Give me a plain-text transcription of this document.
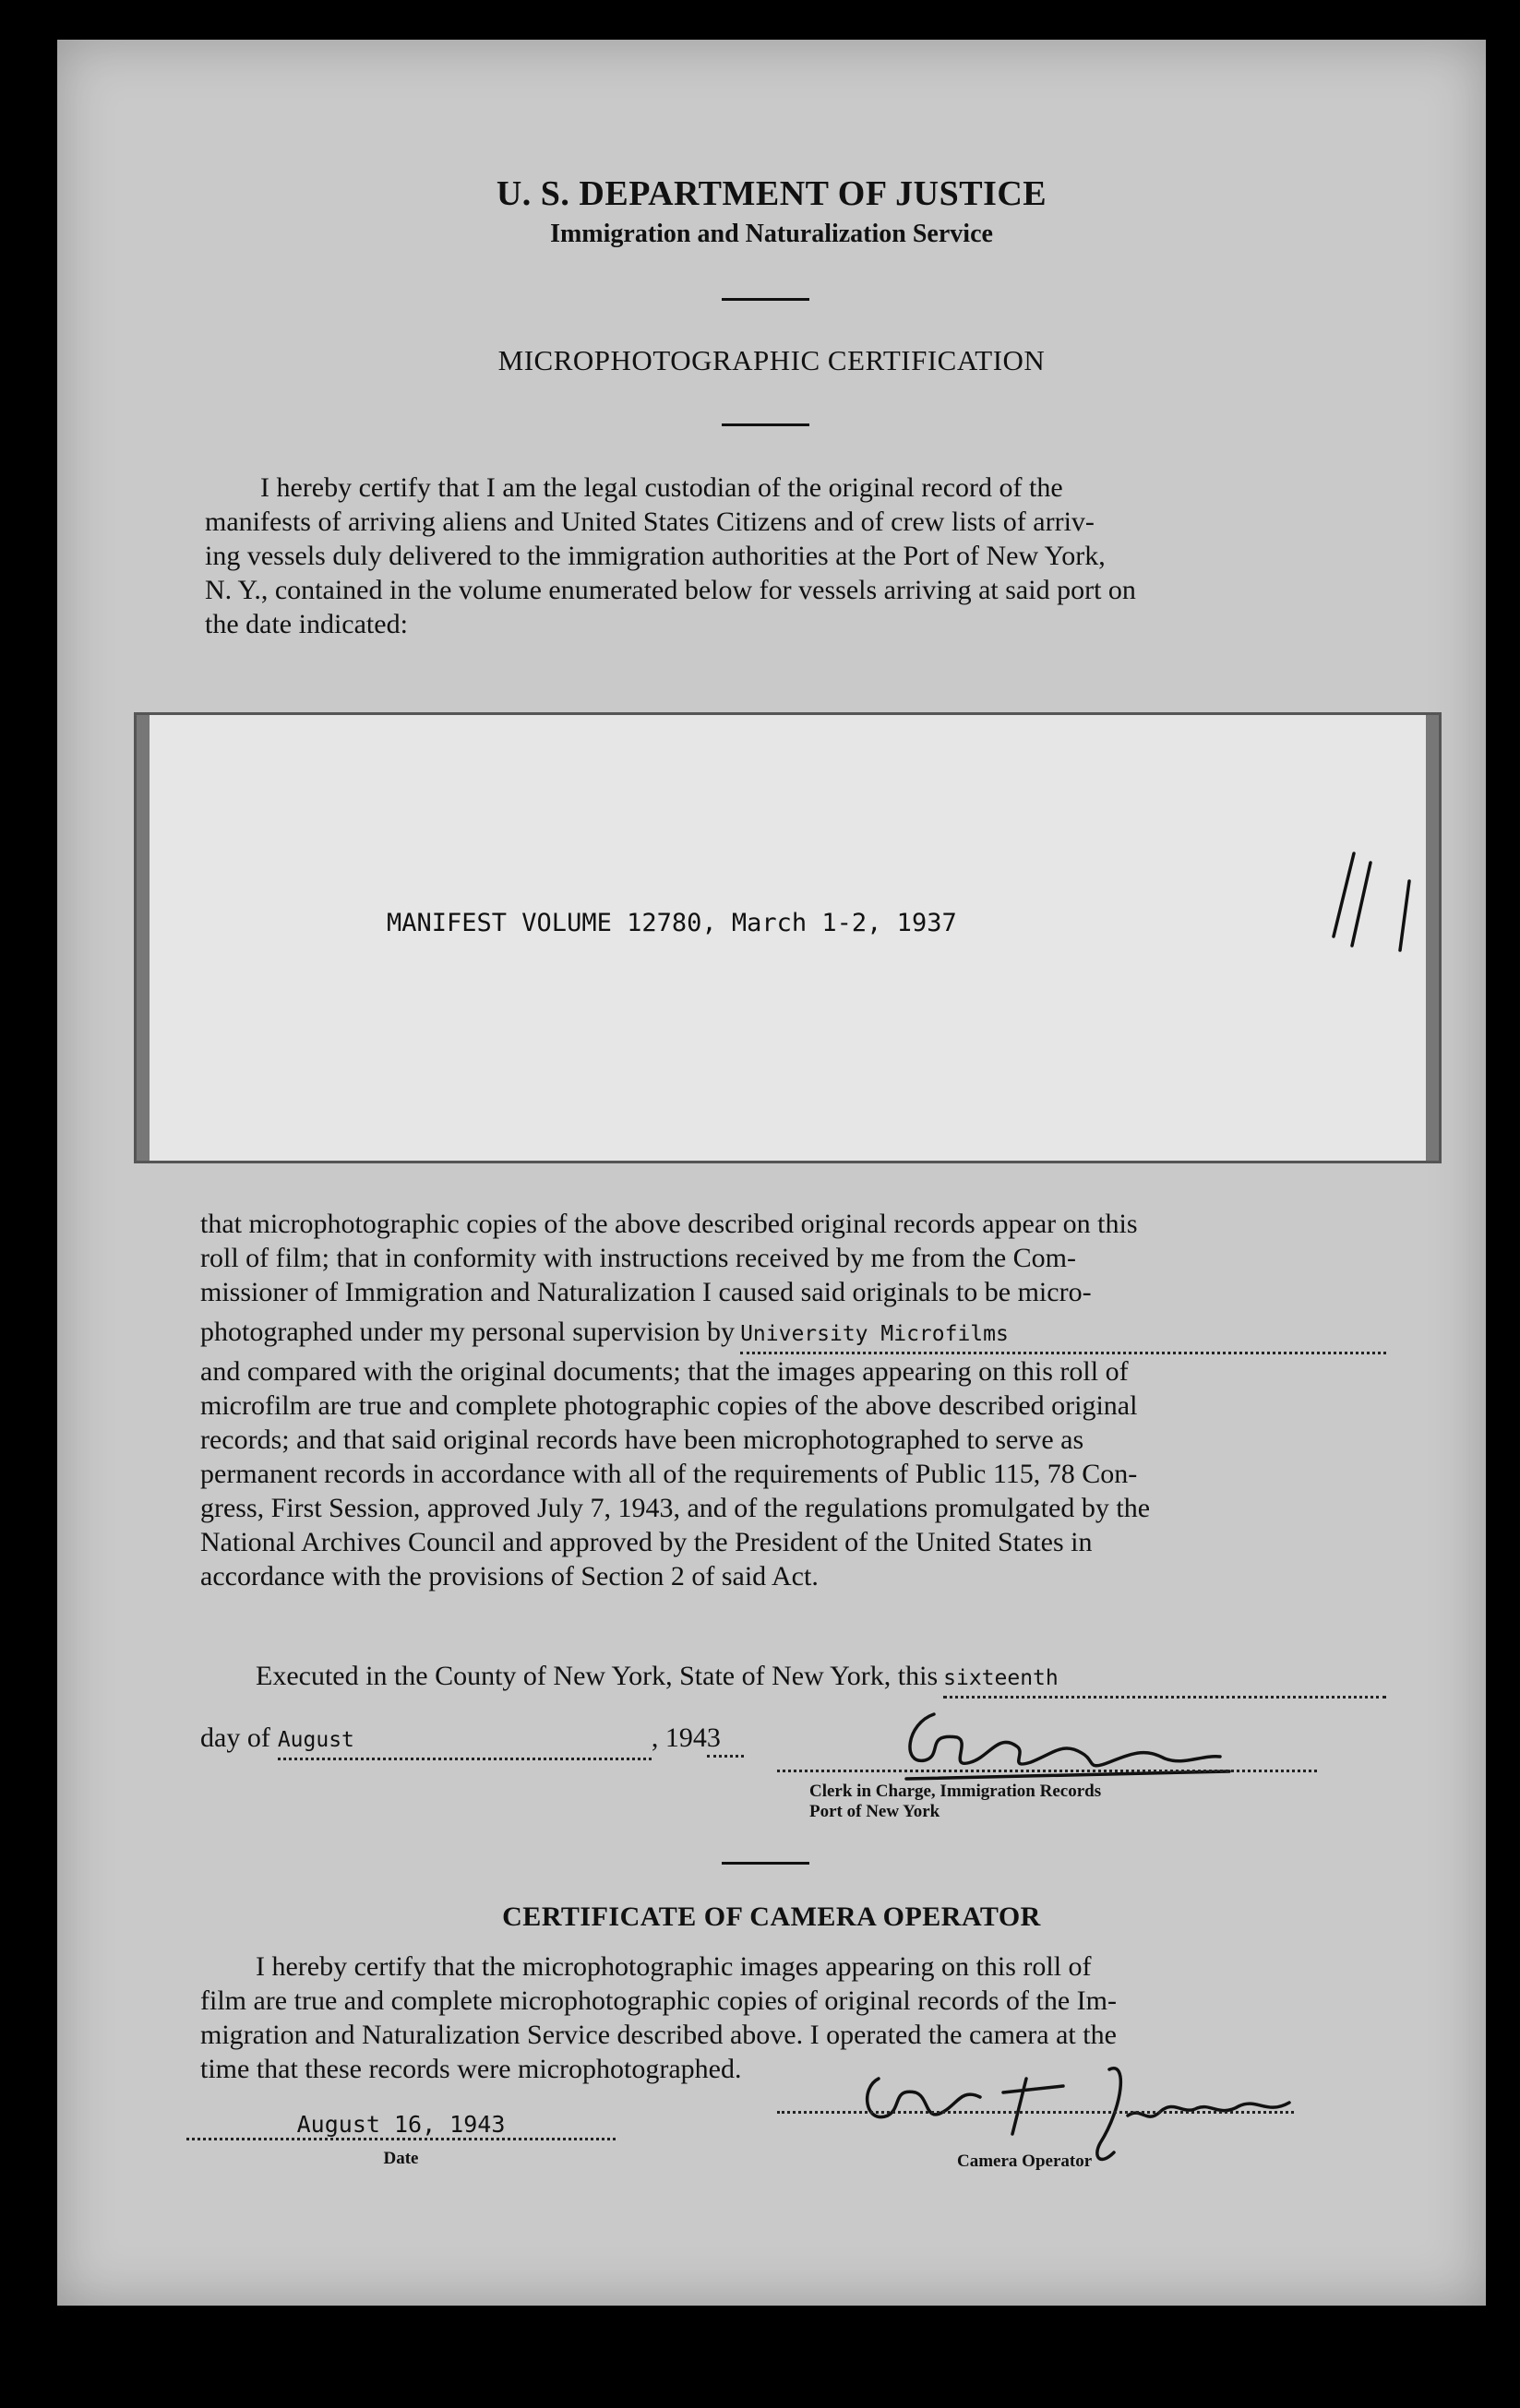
U. S. DEPARTMENT OF JUSTICE
Immigration and Naturalization Service
MICROPHOTOGRAPHIC CERTIFICATION
I hereby certify that I am the legal custodian of the original record of the
manifests of arriving aliens and United States Citizens and of crew lists of arriv-
ing vessels duly delivered to the immigration authorities at the Port of New York,
N. Y., contained in the volume enumerated below for vessels arriving at said port on
the date indicated:
MANIFEST VOLUME 12780, March 1-2, 1937
that microphotographic copies of the above described original records appear on this
roll of film; that in conformity with instructions received by me from the Com-
missioner of Immigration and Naturalization I caused said originals to be micro-
photographed under my personal supervision by University Microfilms
and compared with the original documents; that the images appearing on this roll of
microfilm are true and complete photographic copies of the above described original
records; and that said original records have been microphotographed to serve as
permanent records in accordance with all of the requirements of Public 115, 78 Con-
gress, First Session, approved July 7, 1943, and of the regulations promulgated by the
National Archives Council and approved by the President of the United States in
accordance with the provisions of Section 2 of said Act.
Executed in the County of New York, State of New York, this sixteenth
day of August	, 194 3
Clerk in Charge, Immigration Records
Port of New York
CERTIFICATE OF CAMERA OPERATOR
I hereby certify that the microphotographic images appearing on this roll of
film are true and complete microphotographic copies of original records of the Im-
migration and Naturalization Service described above. I operated the camera at the
time that these records were microphotographed.
August 16, 1943
Date	Camera Operator
